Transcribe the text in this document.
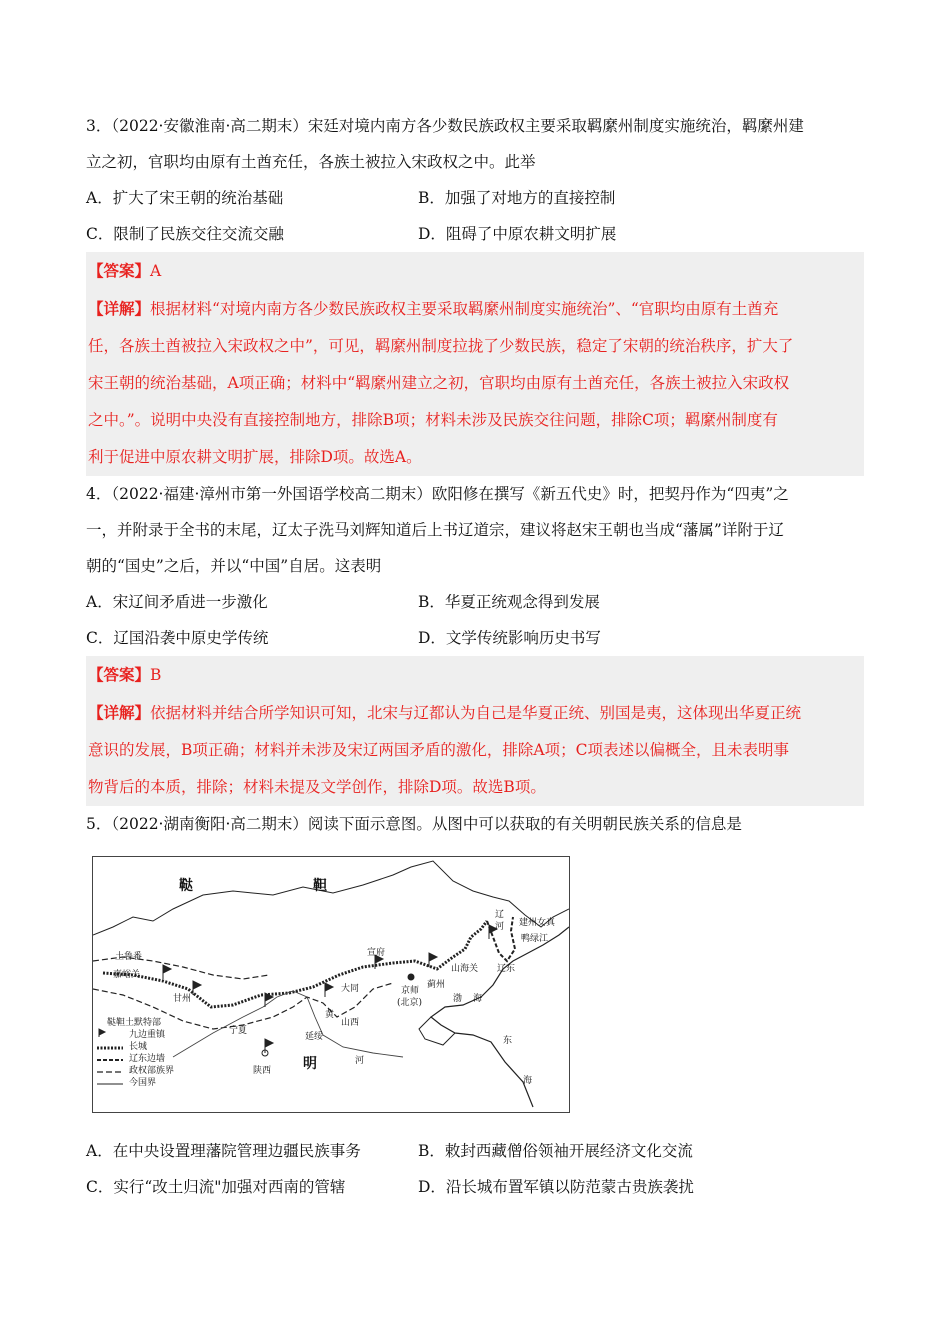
3．（2022·安徽淮南·高二期末）宋廷对境内南方各少数民族政权主要采取羁縻州制度实施统治，羁縻州建
立之初，官职均由原有土酋充任，各族土被拉入宋政权之中。此举
A．扩大了宋王朝的统治基础	B．加强了对地方的直接控制
C．限制了民族交往交流交融	D．阻碍了中原农耕文明扩展
【答案】A
【详解】根据材料“对境内南方各少数民族政权主要采取羁縻州制度实施统治”、“官职均由原有土酋充
任，各族土酋被拉入宋政权之中”，可见，羁縻州制度拉拢了少数民族，稳定了宋朝的统治秩序，扩大了
宋王朝的统治基础，A项正确；材料中“羁縻州建立之初，官职均由原有土酋充任，各族土被拉入宋政权
之中。”。说明中央没有直接控制地方，排除B项；材料未涉及民族交往问题，排除C项；羁縻州制度有
利于促进中原农耕文明扩展，排除D项。故选A。
4．（2022·福建·漳州市第一外国语学校高二期末）欧阳修在撰写《新五代史》时，把契丹作为“四夷”之
一，并附录于全书的末尾，辽太子洗马刘辉知道后上书辽道宗，建议将赵宋王朝也当成“藩属”详附于辽
朝的“国史”之后，并以“中国”自居。这表明
A．宋辽间矛盾进一步激化	B．华夏正统观念得到发展
C．辽国沿袭中原史学传统	D．文学传统影响历史书写
【答案】B
【详解】依据材料并结合所学知识可知，北宋与辽都认为自己是华夏正统、别国是夷，这体现出华夏正统
意识的发展，B项正确；材料并未涉及宋辽两国矛盾的激化，排除A项；C项表述以偏概全，且未表明事
物背后的本质，排除；材料未提及文学创作，排除D项。故选B项。
5．（2022·湖南衡阳·高二期末）阅读下面示意图。从图中可以获取的有关明朝民族关系的信息是
鞑	靼
明
土鲁番
嘉峪关
甘州
鞑靼土默特部
宁夏
延绥
陕西
大同
山西
宣府
京师
(北京)
蓟州
山海关 辽东
渤 海
建州女真
鸭绿江
辽
河
黄
河
东
海
九边重镇
长城
辽东边墙
政权部族界
今国界
A．在中央设置理藩院管理边疆民族事务	B．敕封西藏僧俗领袖开展经济文化交流
C．实行“改土归流"加强对西南的管辖	D．沿长城布置军镇以防范蒙古贵族袭扰
